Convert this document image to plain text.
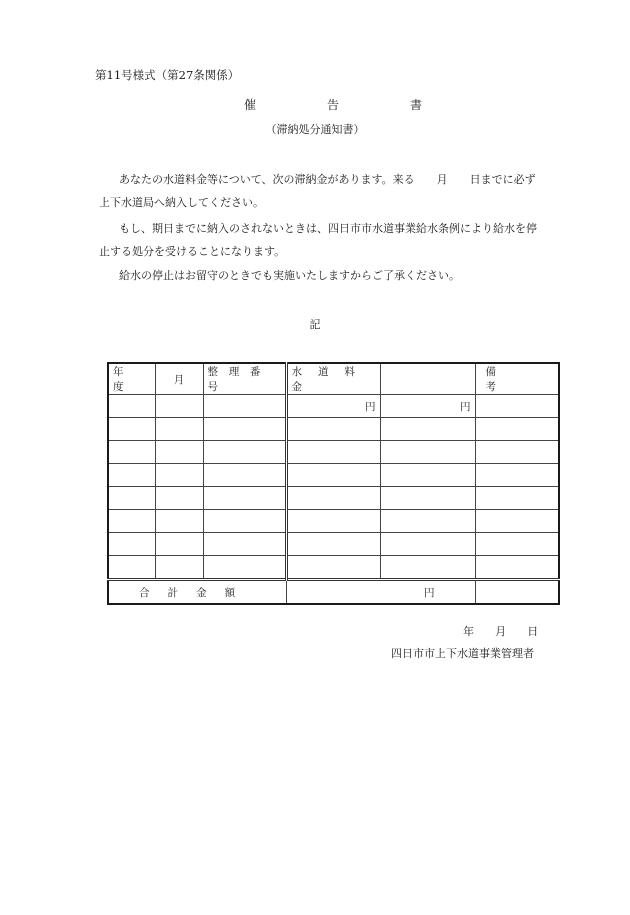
第11号様式（第27条関係）
催	告	書
（滞納処分通知書）
あなたの水道料金等について、次の滞納金があります。来る　　月　　日までに必ず
上下水道局へ納入してください。
もし、期日までに納入のされないときは、四日市市水道事業給水条例により給水を停
止する処分を受けることになります。
給水の停止はお留守のときでも実施いたしますからご了承ください。
記
年 度	月	整 理 番 号	水 道 料 金		備 考
			円	円	

合 計 金 額			円		
年 月 日
四日市市上下水道事業管理者
